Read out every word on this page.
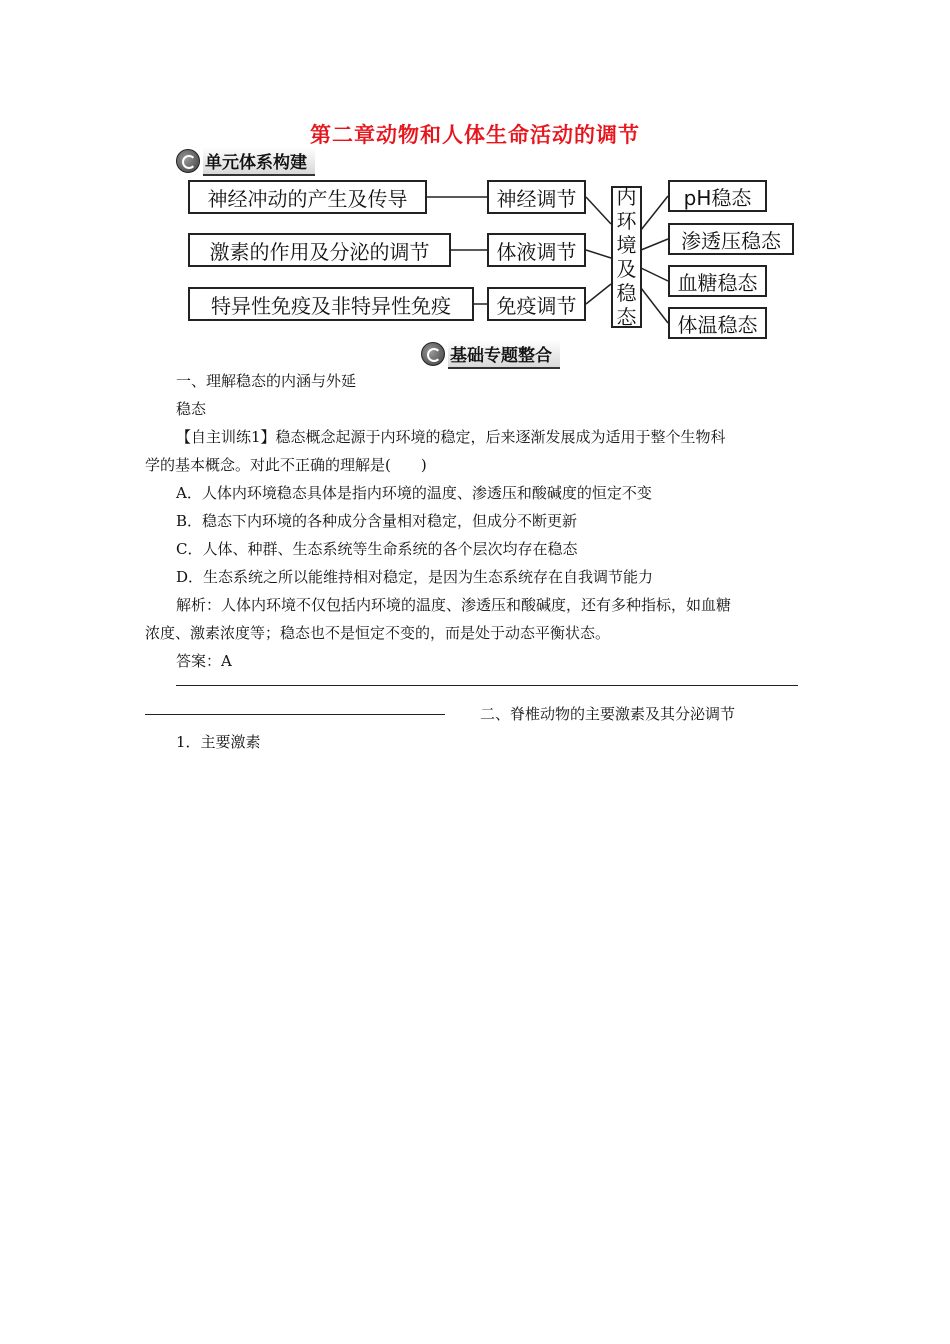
第二章动物和人体生命活动的调节
单元体系构建
神经冲动的产生及传导
激素的作用及分泌的调节
特异性免疫及非特异性免疫
神经调节
体液调节
免疫调节
内环境及稳态
pH稳态
渗透压稳态
血糖稳态
体温稳态
基础专题整合
一、理解稳态的内涵与外延
稳态
【自主训练1】稳态概念起源于内环境的稳定，后来逐渐发展成为适用于整个生物科
学的基本概念。对此不正确的理解是(　　)
A．人体内环境稳态具体是指内环境的温度、渗透压和酸碱度的恒定不变
B．稳态下内环境的各种成分含量相对稳定，但成分不断更新
C．人体、种群、生态系统等生命系统的各个层次均存在稳态
D．生态系统之所以能维持相对稳定，是因为生态系统存在自我调节能力
解析：人体内环境不仅包括内环境的温度、渗透压和酸碱度，还有多种指标，如血糖
浓度、激素浓度等；稳态也不是恒定不变的，而是处于动态平衡状态。
答案：A
二、脊椎动物的主要激素及其分泌调节
1．主要激素
